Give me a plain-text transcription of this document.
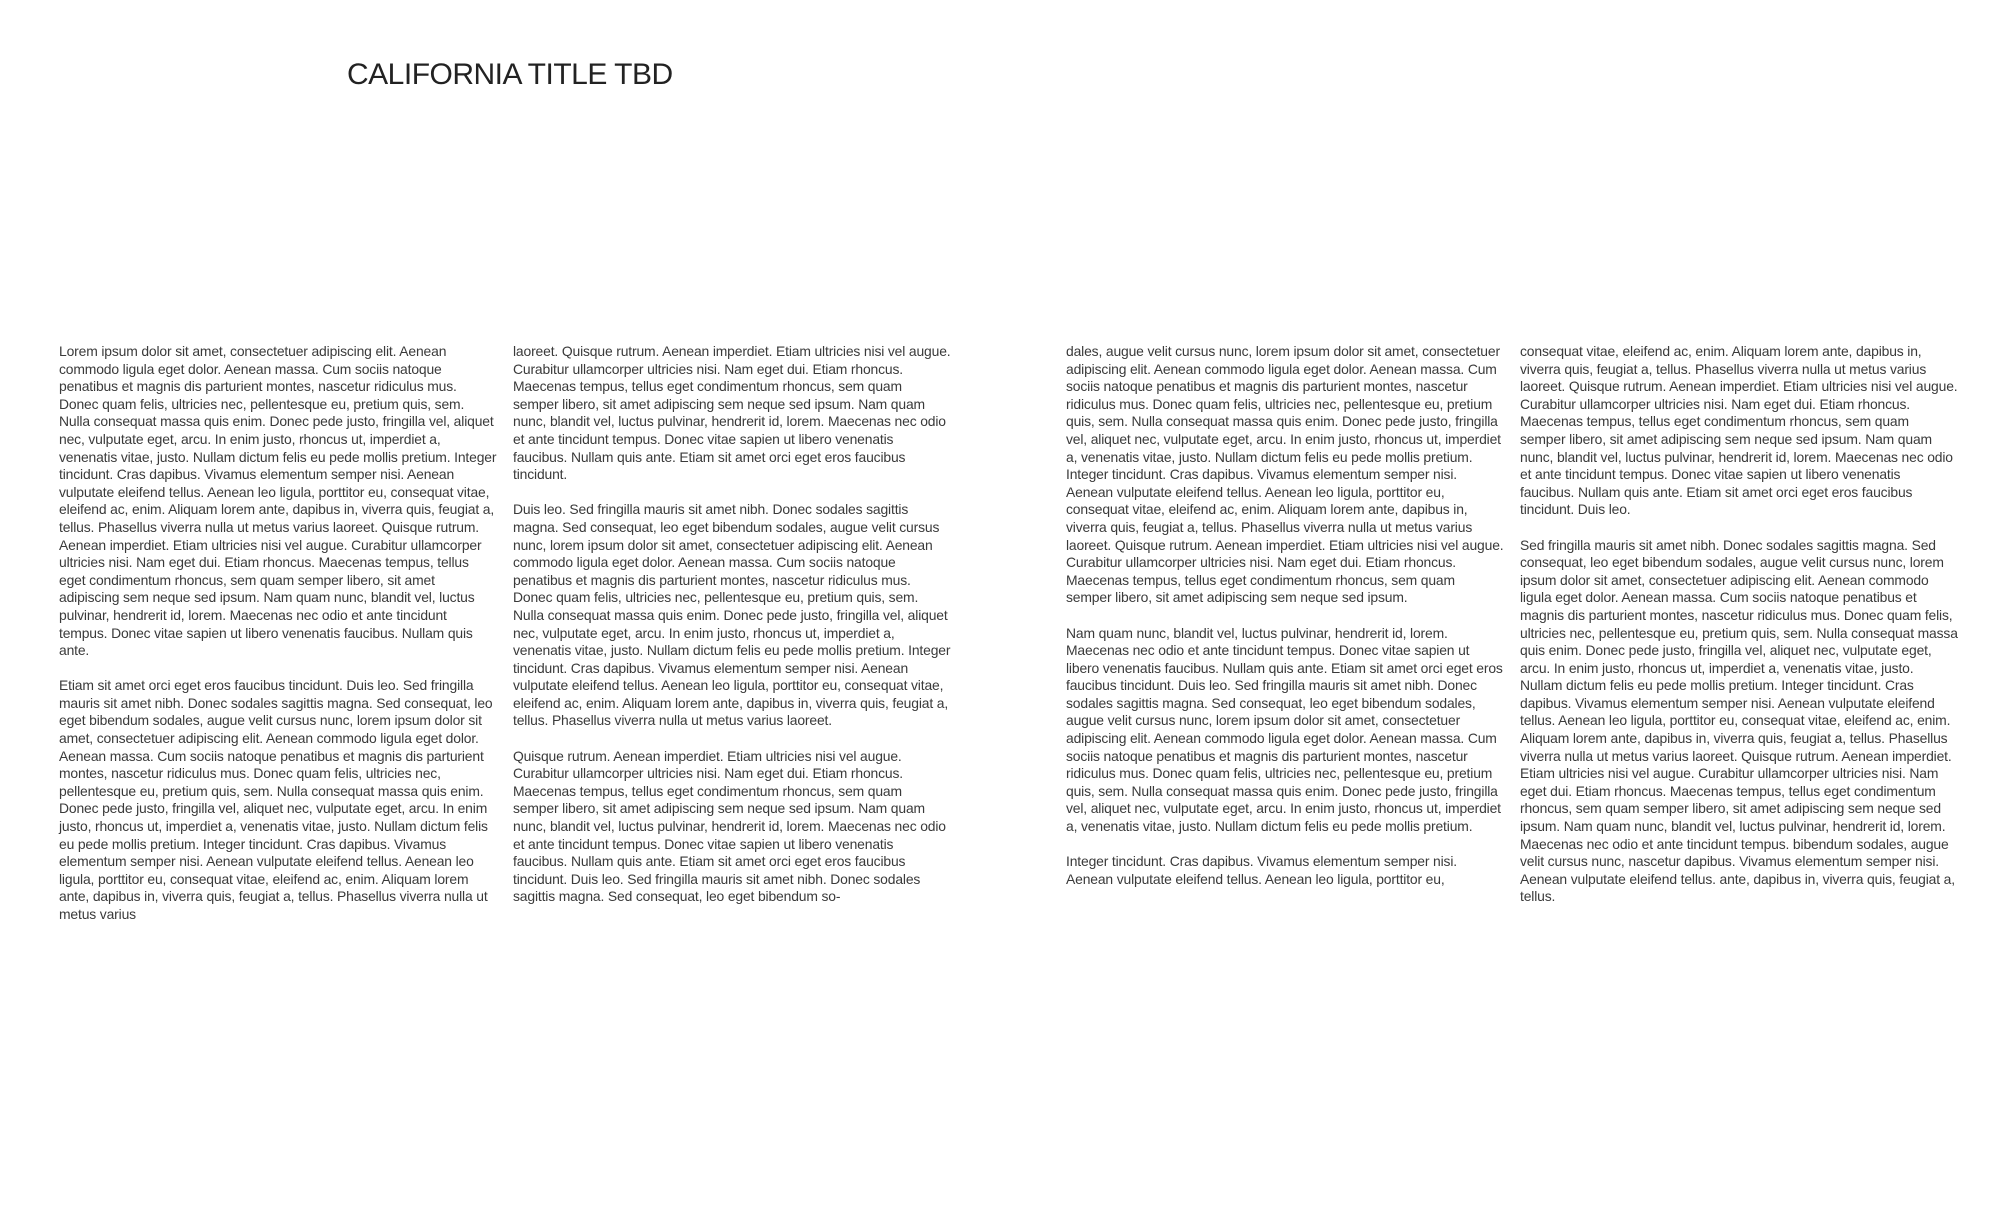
CALIFORNIA TITLE TBD

Lorem ipsum dolor sit amet, consectetuer adipiscing elit. Aenean commodo ligula eget dolor. Aenean massa. Cum sociis natoque penatibus et magnis dis parturient montes, nascetur ridiculus mus. Donec quam felis, ultricies nec, pellentesque eu, pretium quis, sem. Nulla consequat massa quis enim. Donec pede justo, fringilla vel, aliquet nec, vulputate eget, arcu. In enim justo, rhoncus ut, imperdiet a, venenatis vitae, justo. Nullam dictum felis eu pede mollis pretium. Integer tincidunt. Cras dapibus. Vivamus elementum semper nisi. Aenean vulputate eleifend tellus. Aenean leo ligula, porttitor eu, consequat vitae, eleifend ac, enim. Aliquam lorem ante, dapibus in, viverra quis, feugiat a, tellus. Phasellus viverra nulla ut metus varius laoreet. Quisque rutrum. Aenean imperdiet. Etiam ultricies nisi vel augue. Curabitur ullamcorper ultricies nisi. Nam eget dui. Etiam rhoncus. Maecenas tempus, tellus eget condimentum rhoncus, sem quam semper libero, sit amet adipiscing sem neque sed ipsum. Nam quam nunc, blandit vel, luctus pulvinar, hendrerit id, lorem. Maecenas nec odio et ante tincidunt tempus. Donec vitae sapien ut libero venenatis faucibus. Nullam quis ante.

Etiam sit amet orci eget eros faucibus tincidunt. Duis leo. Sed fringilla mauris sit amet nibh. Donec sodales sagittis magna. Sed consequat, leo eget bibendum sodales, augue velit cursus nunc, lorem ipsum dolor sit amet, consectetuer adipiscing elit. Aenean commodo ligula eget dolor. Aenean massa. Cum sociis natoque penatibus et magnis dis parturient montes, nascetur ridiculus mus. Donec quam felis, ultricies nec, pellentesque eu, pretium quis, sem. Nulla consequat massa quis enim. Donec pede justo, fringilla vel, aliquet nec, vulputate eget, arcu. In enim justo, rhoncus ut, imperdiet a, venenatis vitae, justo. Nullam dictum felis eu pede mollis pretium. Integer tincidunt. Cras dapibus. Vivamus elementum semper nisi. Aenean vulputate eleifend tellus. Aenean leo ligula, porttitor eu, consequat vitae, eleifend ac, enim. Aliquam lorem ante, dapibus in, viverra quis, feugiat a, tellus. Phasellus viverra nulla ut metus varius

laoreet. Quisque rutrum. Aenean imperdiet. Etiam ultricies nisi vel augue. Curabitur ullamcorper ultricies nisi. Nam eget dui. Etiam rhoncus. Maecenas tempus, tellus eget condimentum rhoncus, sem quam semper libero, sit amet adipiscing sem neque sed ipsum. Nam quam nunc, blandit vel, luctus pulvinar, hendrerit id, lorem. Maecenas nec odio et ante tincidunt tempus. Donec vitae sapien ut libero venenatis faucibus. Nullam quis ante. Etiam sit amet orci eget eros faucibus tincidunt.

Duis leo. Sed fringilla mauris sit amet nibh. Donec sodales sagittis magna. Sed consequat, leo eget bibendum sodales, augue velit cursus nunc, lorem ipsum dolor sit amet, consectetuer adipiscing elit. Aenean commodo ligula eget dolor. Aenean massa. Cum sociis natoque penatibus et magnis dis parturient montes, nascetur ridiculus mus. Donec quam felis, ultricies nec, pellentesque eu, pretium quis, sem. Nulla consequat massa quis enim. Donec pede justo, fringilla vel, aliquet nec, vulputate eget, arcu. In enim justo, rhoncus ut, imperdiet a, venenatis vitae, justo. Nullam dictum felis eu pede mollis pretium. Integer tincidunt. Cras dapibus. Vivamus elementum semper nisi. Aenean vulputate eleifend tellus. Aenean leo ligula, porttitor eu, consequat vitae, eleifend ac, enim. Aliquam lorem ante, dapibus in, viverra quis, feugiat a, tellus. Phasellus viverra nulla ut metus varius laoreet.

Quisque rutrum. Aenean imperdiet. Etiam ultricies nisi vel augue. Curabitur ullamcorper ultricies nisi. Nam eget dui. Etiam rhoncus. Maecenas tempus, tellus eget condimentum rhoncus, sem quam semper libero, sit amet adipiscing sem neque sed ipsum. Nam quam nunc, blandit vel, luctus pulvinar, hendrerit id, lorem. Maecenas nec odio et ante tincidunt tempus. Donec vitae sapien ut libero venenatis faucibus. Nullam quis ante. Etiam sit amet orci eget eros faucibus tincidunt. Duis leo. Sed fringilla mauris sit amet nibh. Donec sodales sagittis magna. Sed consequat, leo eget bibendum so-

dales, augue velit cursus nunc, lorem ipsum dolor sit amet, consectetuer adipiscing elit. Aenean commodo ligula eget dolor. Aenean massa. Cum sociis natoque penatibus et magnis dis parturient montes, nascetur ridiculus mus. Donec quam felis, ultricies nec, pellentesque eu, pretium quis, sem. Nulla consequat massa quis enim. Donec pede justo, fringilla vel, aliquet nec, vulputate eget, arcu. In enim justo, rhoncus ut, imperdiet a, venenatis vitae, justo. Nullam dictum felis eu pede mollis pretium. Integer tincidunt. Cras dapibus. Vivamus elementum semper nisi. Aenean vulputate eleifend tellus. Aenean leo ligula, porttitor eu, consequat vitae, eleifend ac, enim. Aliquam lorem ante, dapibus in, viverra quis, feugiat a, tellus. Phasellus viverra nulla ut metus varius laoreet. Quisque rutrum. Aenean imperdiet. Etiam ultricies nisi vel augue. Curabitur ullamcorper ultricies nisi. Nam eget dui. Etiam rhoncus. Maecenas tempus, tellus eget condimentum rhoncus, sem quam semper libero, sit amet adipiscing sem neque sed ipsum.

Nam quam nunc, blandit vel, luctus pulvinar, hendrerit id, lorem. Maecenas nec odio et ante tincidunt tempus. Donec vitae sapien ut libero venenatis faucibus. Nullam quis ante. Etiam sit amet orci eget eros faucibus tincidunt. Duis leo. Sed fringilla mauris sit amet nibh. Donec sodales sagittis magna. Sed consequat, leo eget bibendum sodales, augue velit cursus nunc, lorem ipsum dolor sit amet, consectetuer adipiscing elit. Aenean commodo ligula eget dolor. Aenean massa. Cum sociis natoque penatibus et magnis dis parturient montes, nascetur ridiculus mus. Donec quam felis, ultricies nec, pellentesque eu, pretium quis, sem. Nulla consequat massa quis enim. Donec pede justo, fringilla vel, aliquet nec, vulputate eget, arcu. In enim justo, rhoncus ut, imperdiet a, venenatis vitae, justo. Nullam dictum felis eu pede mollis pretium.

Integer tincidunt. Cras dapibus. Vivamus elementum semper nisi. Aenean vulputate eleifend tellus. Aenean leo ligula, porttitor eu,

consequat vitae, eleifend ac, enim. Aliquam lorem ante, dapibus in, viverra quis, feugiat a, tellus. Phasellus viverra nulla ut metus varius laoreet. Quisque rutrum. Aenean imperdiet. Etiam ultricies nisi vel augue. Curabitur ullamcorper ultricies nisi. Nam eget dui. Etiam rhoncus. Maecenas tempus, tellus eget condimentum rhoncus, sem quam semper libero, sit amet adipiscing sem neque sed ipsum. Nam quam nunc, blandit vel, luctus pulvinar, hendrerit id, lorem. Maecenas nec odio et ante tincidunt tempus. Donec vitae sapien ut libero venenatis faucibus. Nullam quis ante. Etiam sit amet orci eget eros faucibus tincidunt. Duis leo.

Sed fringilla mauris sit amet nibh. Donec sodales sagittis magna. Sed consequat, leo eget bibendum sodales, augue velit cursus nunc, lorem ipsum dolor sit amet, consectetuer adipiscing elit. Aenean commodo ligula eget dolor. Aenean massa. Cum sociis natoque penatibus et magnis dis parturient montes, nascetur ridiculus mus. Donec quam felis, ultricies nec, pellentesque eu, pretium quis, sem. Nulla consequat massa quis enim. Donec pede justo, fringilla vel, aliquet nec, vulputate eget, arcu. In enim justo, rhoncus ut, imperdiet a, venenatis vitae, justo. Nullam dictum felis eu pede mollis pretium. Integer tincidunt. Cras dapibus. Vivamus elementum semper nisi. Aenean vulputate eleifend tellus. Aenean leo ligula, porttitor eu, consequat vitae, eleifend ac, enim. Aliquam lorem ante, dapibus in, viverra quis, feugiat a, tellus. Phasellus viverra nulla ut metus varius laoreet. Quisque rutrum. Aenean imperdiet. Etiam ultricies nisi vel augue. Curabitur ullamcorper ultricies nisi. Nam eget dui. Etiam rhoncus. Maecenas tempus, tellus eget condimentum rhoncus, sem quam semper libero, sit amet adipiscing sem neque sed ipsum. Nam quam nunc, blandit vel, luctus pulvinar, hendrerit id, lorem. Maecenas nec odio et ante tincidunt tempus. bibendum sodales, augue velit cursus nunc, nascetur dapibus. Vivamus elementum semper nisi. Aenean vulputate eleifend tellus. ante, dapibus in, viverra quis, feugiat a, tellus.
